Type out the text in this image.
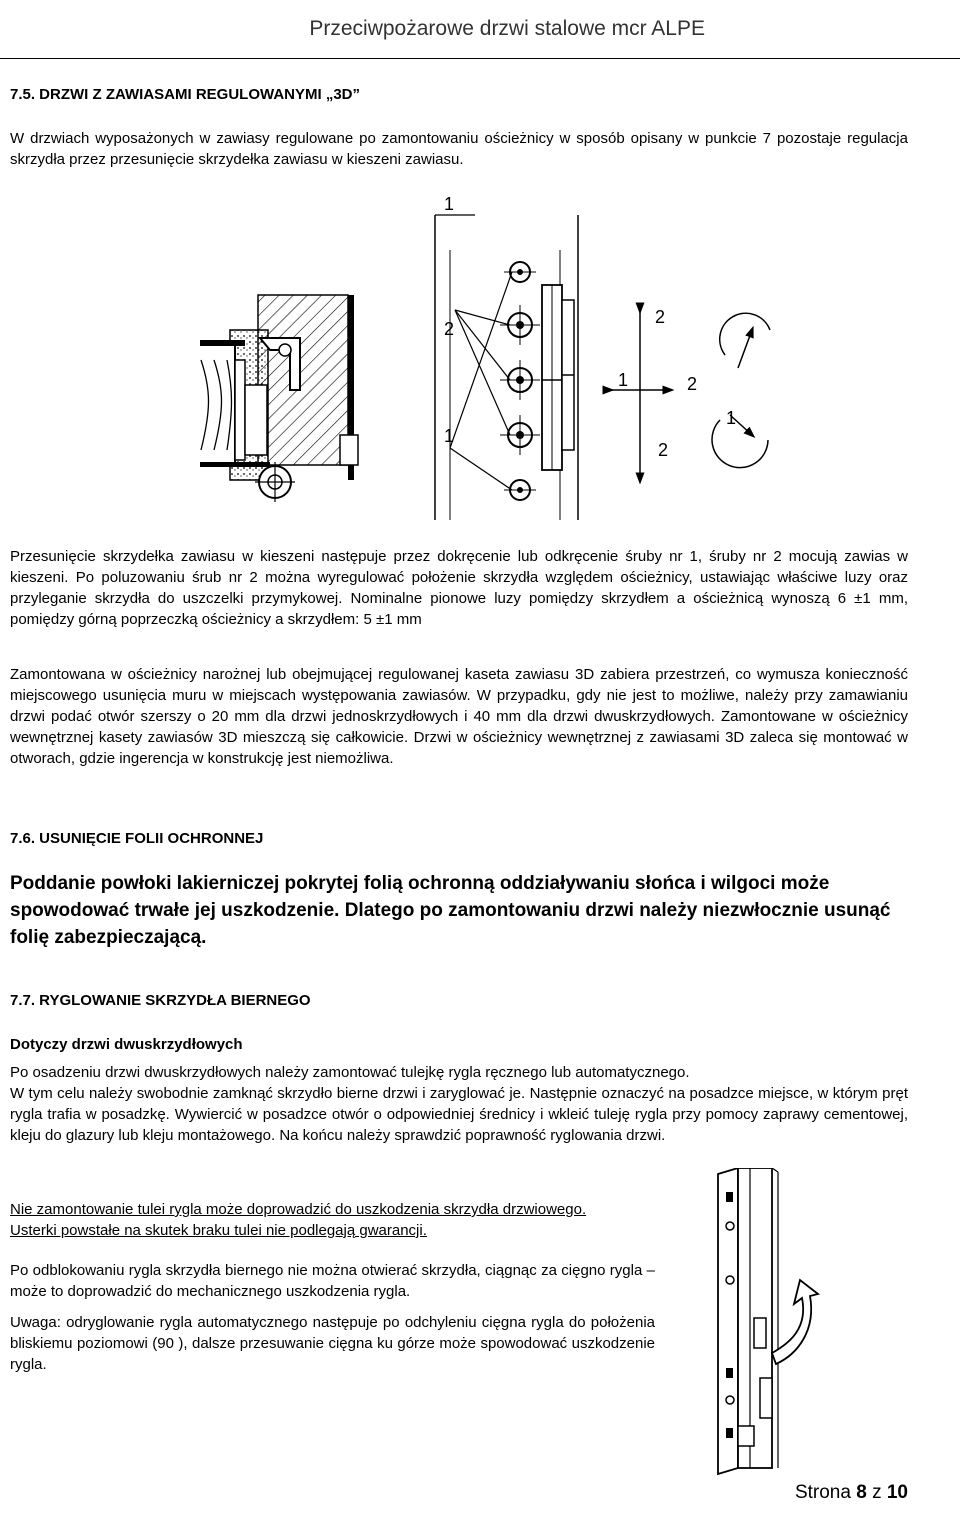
Przeciwpożarowe drzwi stalowe mcr ALPE
7.5. DRZWI Z ZAWIASAMI REGULOWANYMI „3D”
W drzwiach wyposażonych w zawiasy regulowane po zamontowaniu ościeżnicy w sposób opisany w punkcie 7 pozostaje regulacja skrzydła przez przesunięcie skrzydełka zawiasu w kieszeni zawiasu.
1
2
1
2
1	2
2
1
Przesunięcie skrzydełka zawiasu w kieszeni następuje przez dokręcenie lub odkręcenie śruby nr 1, śruby nr 2 mocują zawias w kieszeni. Po poluzowaniu śrub nr 2 można wyregulować położenie skrzydła względem ościeżnicy, ustawiając właściwe luzy oraz przyleganie skrzydła do uszczelki przymykowej. Nominalne pionowe luzy pomiędzy skrzydłem a ościeżnicą wynoszą 6 ±1 mm, pomiędzy górną poprzeczką ościeżnicy a skrzydłem: 5 ±1 mm
Zamontowana w ościeżnicy narożnej lub obejmującej regulowanej kaseta zawiasu 3D zabiera przestrzeń, co wymusza konieczność miejscowego usunięcia muru w miejscach występowania zawiasów. W przypadku, gdy nie jest to możliwe, należy przy zamawianiu drzwi podać otwór szerszy o 20 mm dla drzwi jednoskrzydłowych i 40 mm dla drzwi dwuskrzydłowych. Zamontowane w ościeżnicy wewnętrznej kasety zawiasów 3D mieszczą się całkowicie. Drzwi w ościeżnicy wewnętrznej z zawiasami 3D zaleca się montować w otworach, gdzie ingerencja w konstrukcję jest niemożliwa.
7.6. USUNIĘCIE FOLII OCHRONNEJ
Poddanie powłoki lakierniczej pokrytej folią ochronną oddziaływaniu słońca i wilgoci może spowodować trwałe jej uszkodzenie. Dlatego po zamontowaniu drzwi należy niezwłocznie usunąć folię zabezpieczającą.
7.7. RYGLOWANIE SKRZYDŁA BIERNEGO
Dotyczy drzwi dwuskrzydłowych
Po osadzeniu drzwi dwuskrzydłowych należy zamontować tulejkę rygla ręcznego lub automatycznego.
W tym celu należy swobodnie zamknąć skrzydło bierne drzwi i zaryglować je. Następnie oznaczyć na posadzce miejsce, w którym pręt rygla trafia w posadzkę. Wywiercić w posadzce otwór o odpowiedniej średnicy i wkleić tuleję rygla przy pomocy zaprawy cementowej, kleju do glazury lub kleju montażowego. Na końcu należy sprawdzić poprawność ryglowania drzwi.
Nie zamontowanie tulei rygla może doprowadzić do uszkodzenia skrzydła drzwiowego. Usterki powstałe na skutek braku tulei nie podlegają gwarancji.
Po odblokowaniu rygla skrzydła biernego nie można otwierać skrzydła, ciągnąc za cięgno rygla – może to doprowadzić do mechanicznego uszkodzenia rygla.
Uwaga: odryglowanie rygla automatycznego następuje po odchyleniu cięgna rygla do położenia bliskiemu poziomowi (90 ), dalsze przesuwanie cięgna ku górze może spowodować uszkodzenie rygla.
Strona 8 z 10
